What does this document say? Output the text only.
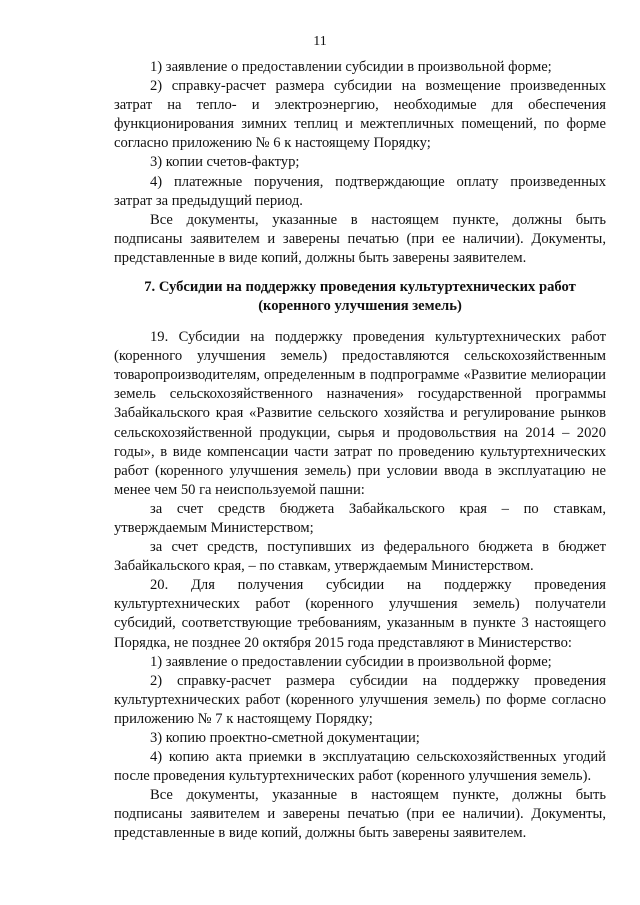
11

1) заявление о предоставлении субсидии в произвольной форме;

2) справку-расчет размера субсидии на возмещение произведенных затрат на тепло- и электроэнергию, необходимые для обеспечения функционирования зимних теплиц и межтепличных помещений, по форме согласно приложению № 6 к настоящему Порядку;

3) копии счетов-фактур;

4) платежные поручения, подтверждающие оплату произведенных затрат за предыдущий период.

Все документы, указанные в настоящем пункте, должны быть подписаны заявителем и заверены печатью (при ее наличии). Документы, представленные в виде копий, должны быть заверены заявителем.

7. Субсидии на поддержку проведения культуртехнических работ
(коренного улучшения земель)

19. Субсидии на поддержку проведения культуртехнических работ (коренного улучшения земель) предоставляются сельскохозяйственным товаропроизводителям, определенным в подпрограмме «Развитие мелиорации земель сельскохозяйственного назначения» государственной программы Забайкальского края «Развитие сельского хозяйства и регулирование рынков сельскохозяйственной продукции, сырья и продовольствия на 2014 – 2020 годы», в виде компенсации части затрат по проведению культуртехнических работ (коренного улучшения земель) при условии ввода в эксплуатацию не менее чем 50 га неиспользуемой пашни:

за счет средств бюджета Забайкальского края – по ставкам, утверждаемым Министерством;

за счет средств, поступивших из федерального бюджета в бюджет Забайкальского края, – по ставкам, утверждаемым Министерством.

20. Для получения субсидии на поддержку проведения культуртехнических работ (коренного улучшения земель) получатели субсидий, соответствующие требованиям, указанным в пункте 3 настоящего Порядка, не позднее 20 октября 2015 года представляют в Министерство:

1) заявление о предоставлении субсидии в произвольной форме;

2) справку-расчет размера субсидии на поддержку проведения культуртехнических работ (коренного улучшения земель) по форме согласно приложению № 7 к настоящему Порядку;

3) копию проектно-сметной документации;

4) копию акта приемки в эксплуатацию сельскохозяйственных угодий после проведения культуртехнических работ (коренного улучшения земель).

Все документы, указанные в настоящем пункте, должны быть подписаны заявителем и заверены печатью (при ее наличии). Документы, представленные в виде копий, должны быть заверены заявителем.
